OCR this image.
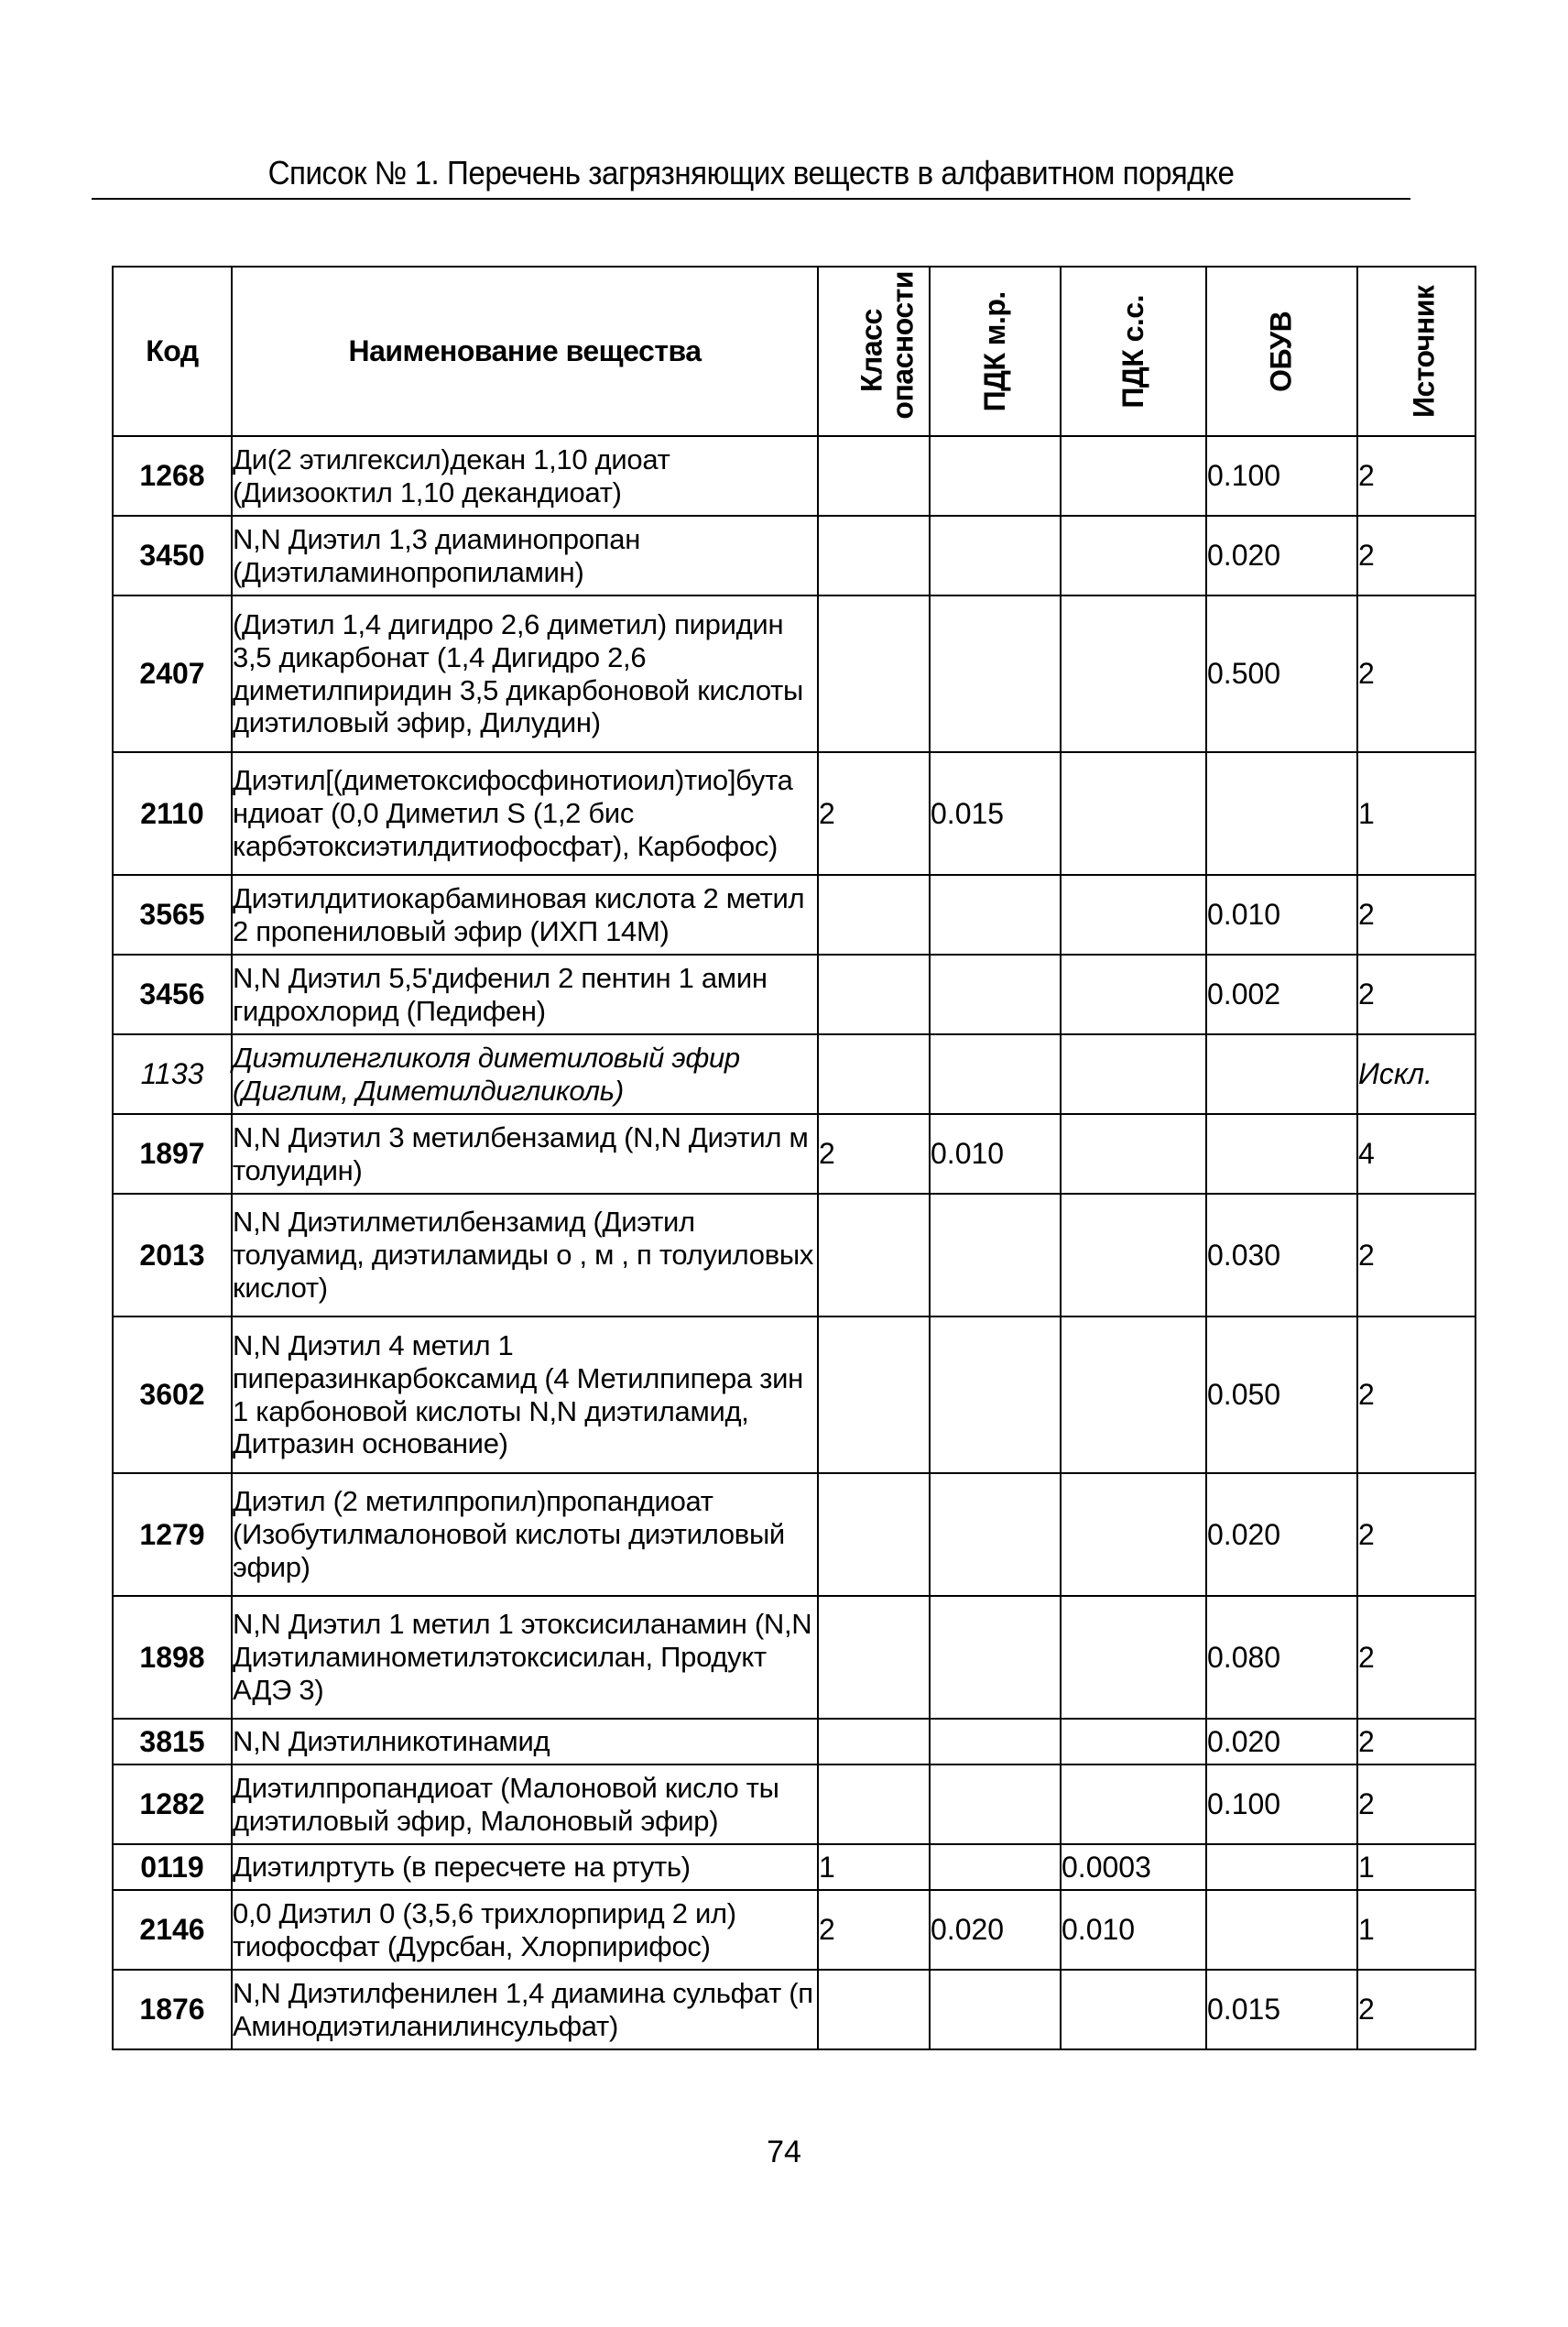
Список № 1. Перечень загрязняющих веществ в алфавитном порядке
Код	Наименование вещества	Класс опасности	ПДК м.р.	ПДК с.с.	ОБУВ	Источник
1268	Ди(2 этилгексил)декан 1,10 диоат (Диизооктил 1,10 декандиоат)				0.100	2
3450	N,N Диэтил 1,3 диаминопропан (Диэтиламинопропиламин)				0.020	2
2407	(Диэтил 1,4 дигидро 2,6 диметил) пиридин 3,5 дикарбонат (1,4 Дигидро 2,6 диметилпиридин 3,5 дикарбоновой кислоты диэтиловый эфир, Дилудин)				0.500	2
2110	Диэтил[(диметоксифосфинотиоил)тио]бута ндиоат (0,0 Диметил S (1,2 бис карбэтоксиэтилдитиофосфат), Карбофос)	2	0.015			1
3565	Диэтилдитиокарбаминовая кислота 2 метил 2 пропениловый эфир (ИХП 14М)				0.010	2
3456	N,N Диэтил 5,5'дифенил 2 пентин 1 амин гидрохлорид (Педифен)				0.002	2
1133	Диэтиленгликоля диметиловый эфир (Диглим, Диметилдигликоль)					Искл.
1897	N,N Диэтил 3 метилбензамид (N,N Диэтил м толуидин)	2	0.010			4
2013	N,N Диэтилметилбензамид (Диэтил толуамид, диэтиламиды о , м , п толуиловых кислот)				0.030	2
3602	N,N Диэтил 4 метил 1 пиперазинкарбоксамид (4 Метилпипера зин 1 карбоновой кислоты N,N диэтиламид, Дитразин основание)				0.050	2
1279	Диэтил (2 метилпропил)пропандиоат (Изобутилмалоновой кислоты диэтиловый эфир)				0.020	2
1898	N,N Диэтил 1 метил 1 этоксисиланамин (N,N Диэтиламинометилэтоксисилан, Продукт АДЭ 3)				0.080	2
3815	N,N Диэтилникотинамид				0.020	2
1282	Диэтилпропандиоат (Малоновой кисло ты диэтиловый эфир, Малоновый эфир)				0.100	2
0119	Диэтилртуть (в пересчете на ртуть)	1		0.0003		1
2146	0,0 Диэтил 0 (3,5,6 трихлорпирид 2 ил) тиофосфат (Дурсбан, Хлорпирифос)	2	0.020	0.010		1
1876	N,N Диэтилфенилен 1,4 диамина сульфат (п Аминодиэтиланилинсульфат)				0.015	2
74
